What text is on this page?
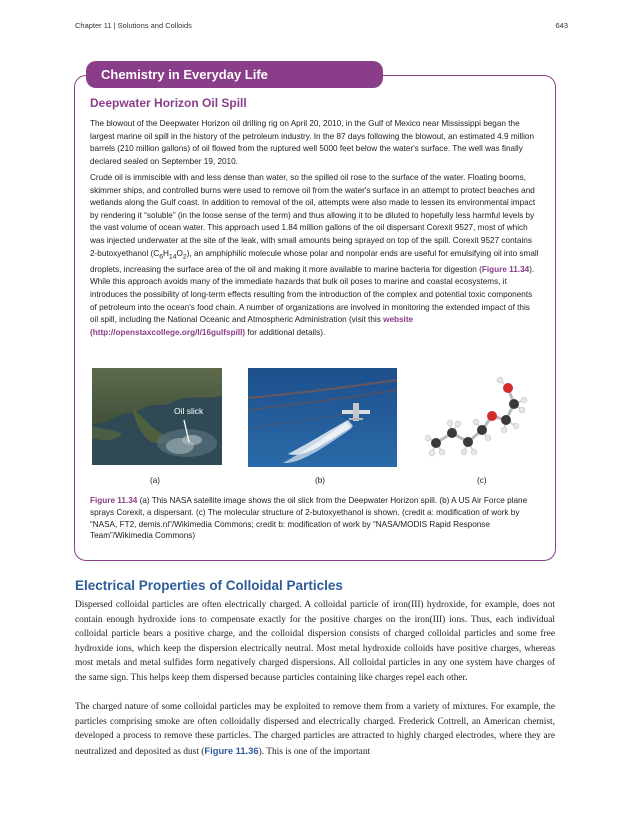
Chapter 11 | Solutions and Colloids	643
Chemistry in Everyday Life
Deepwater Horizon Oil Spill

The blowout of the Deepwater Horizon oil drilling rig on April 20, 2010, in the Gulf of Mexico near Mississippi began the largest marine oil spill in the history of the petroleum industry. In the 87 days following the blowout, an estimated 4.9 million barrels (210 million gallons) of oil flowed from the ruptured well 5000 feet below the water's surface. The well was finally declared sealed on September 19, 2010.

Crude oil is immiscible with and less dense than water, so the spilled oil rose to the surface of the water. Floating booms, skimmer ships, and controlled burns were used to remove oil from the water's surface in an attempt to protect beaches and wetlands along the Gulf coast. In addition to removal of the oil, attempts were also made to lessen its environmental impact by rendering it “soluble” (in the loose sense of the term) and thus allowing it to be diluted to hopefully less harmful levels by the vast volume of ocean water. This approach used 1.84 million gallons of the oil dispersant Corexit 9527, most of which was injected underwater at the site of the leak, with small amounts being sprayed on top of the spill. Corexit 9527 contains 2-butoxyethanol $(C_6H_{14}O_2)$, an amphiphilic molecule whose polar and nonpolar ends are useful for emulsifying oil into small droplets, increasing the surface area of the oil and making it more available to marine bacteria for digestion (Figure 11.34). While this approach avoids many of the immediate hazards that bulk oil poses to marine and coastal ecosystems, it introduces the possibility of long-term effects resulting from the introduction of the complex and potential toxic components of petroleum into the ocean's food chain. A number of organizations are involved in monitoring the extended impact of this oil spill, including the National Oceanic and Atmospheric Administration (visit this website (http://openstaxcollege.org/l/16gulfspill) for additional details).

Oil slick
(a)	(b)	(c)

Figure 11.34 (a) This NASA satellite image shows the oil slick from the Deepwater Horizon spill. (b) A US Air Force plane sprays Corexit, a dispersant. (c) The molecular structure of 2-butoxyethanol is shown. (credit a: modification of work by “NASA, FT2, demis.nl”/Wikimedia Commons; credit b: modification of work by “NASA/MODIS Rapid Response Team”/Wikimedia Commons)

Electrical Properties of Colloidal Particles

Dispersed colloidal particles are often electrically charged. A colloidal particle of iron(III) hydroxide, for example, does not contain enough hydroxide ions to compensate exactly for the positive charges on the iron(III) ions. Thus, each individual colloidal particle bears a positive charge, and the colloidal dispersion consists of charged colloidal particles and some free hydroxide ions, which keep the dispersion electrically neutral. Most metal hydroxide colloids have positive charges, whereas most metals and metal sulfides form negatively charged dispersions. All colloidal particles in any one system have charges of the same sign. This helps keep them dispersed because particles containing like charges repel each other.

The charged nature of some colloidal particles may be exploited to remove them from a variety of mixtures. For example, the particles comprising smoke are often colloidally dispersed and electrically charged. Frederick Cottrell, an American chemist, developed a process to remove these particles. The charged particles are attracted to highly charged electrodes, where they are neutralized and deposited as dust (Figure 11.36). This is one of the important
